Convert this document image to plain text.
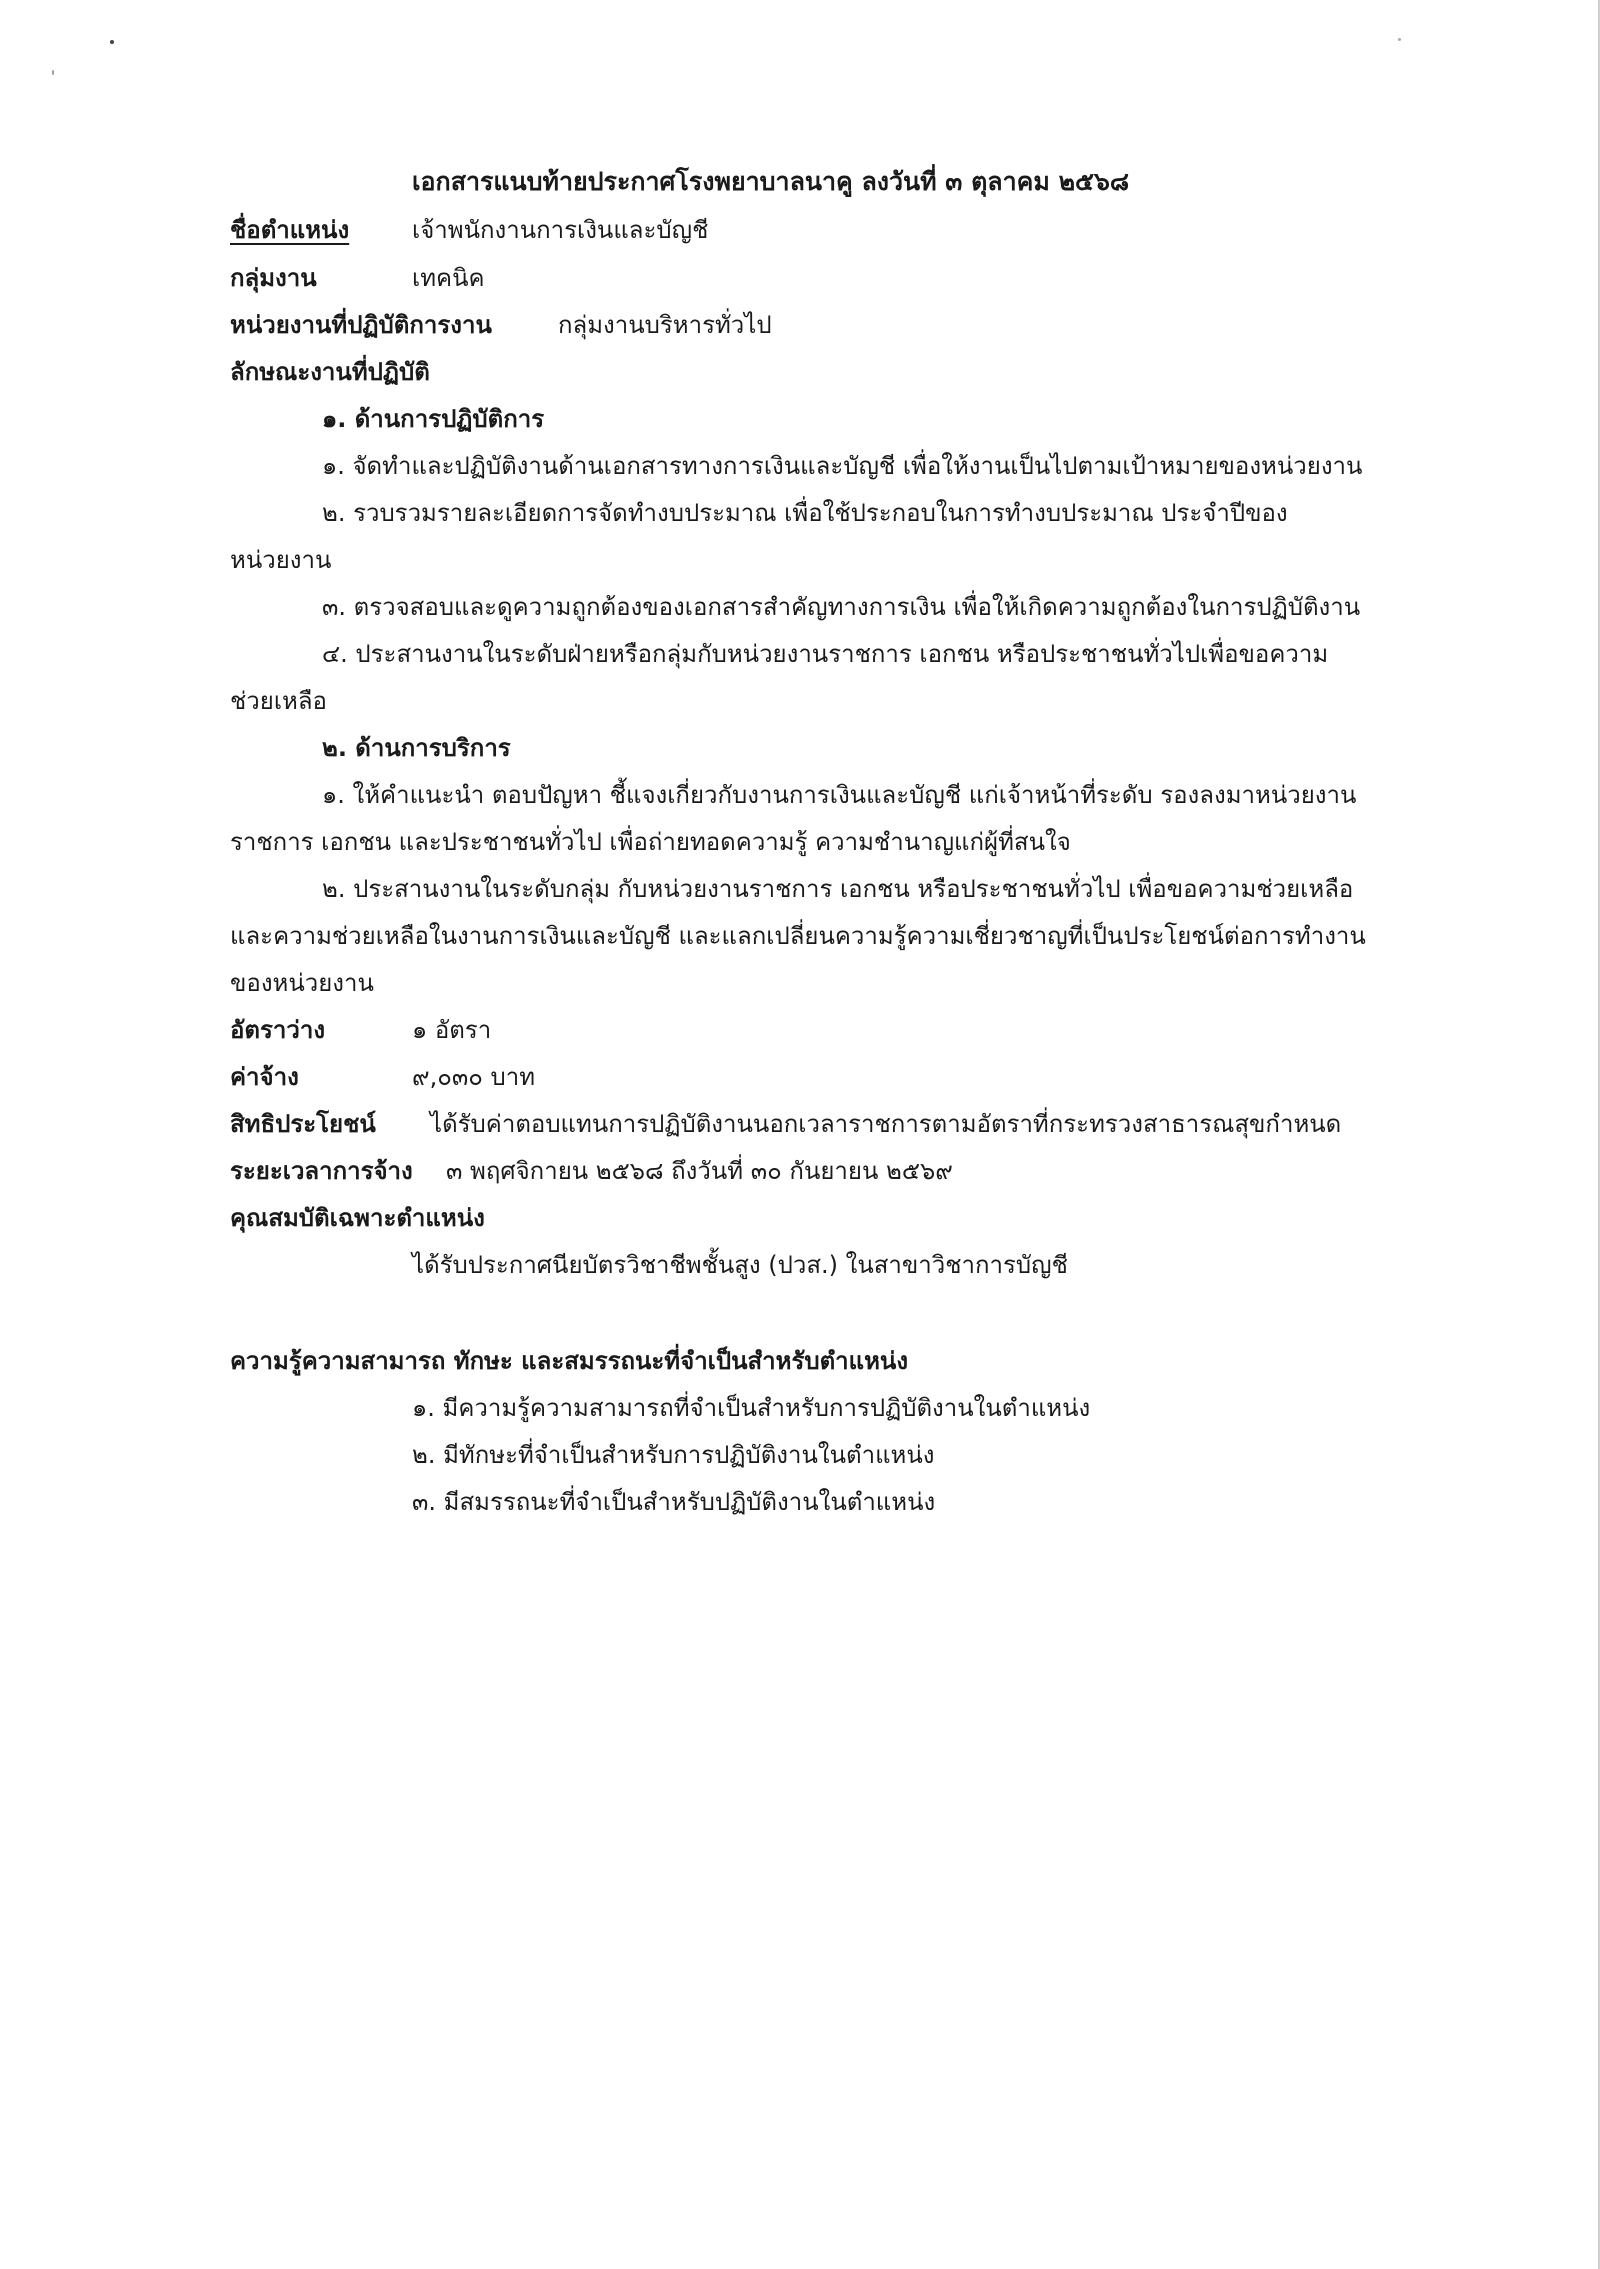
เอกสารแนบท้ายประกาศโรงพยาบาลนาคู ลงวันที่ ๓ ตุลาคม ๒๕๖๘
ชื่อตำแหน่ง	เจ้าพนักงานการเงินและบัญชี
กลุ่มงาน	เทคนิค
หน่วยงานที่ปฏิบัติการงาน	กลุ่มงานบริหารทั่วไป
ลักษณะงานที่ปฏิบัติ
๑. ด้านการปฏิบัติการ
๑. จัดทำและปฏิบัติงานด้านเอกสารทางการเงินและบัญชี เพื่อให้งานเป็นไปตามเป้าหมายของหน่วยงาน
๒. รวบรวมรายละเอียดการจัดทำงบประมาณ เพื่อใช้ประกอบในการทำงบประมาณ ประจำปีของ
หน่วยงาน
๓. ตรวจสอบและดูความถูกต้องของเอกสารสำคัญทางการเงิน เพื่อให้เกิดความถูกต้องในการปฏิบัติงาน
๔. ประสานงานในระดับฝ่ายหรือกลุ่มกับหน่วยงานราชการ เอกชน หรือประชาชนทั่วไปเพื่อขอความ
ช่วยเหลือ
๒. ด้านการบริการ
๑. ให้คำแนะนำ ตอบปัญหา ชี้แจงเกี่ยวกับงานการเงินและบัญชี แก่เจ้าหน้าที่ระดับ รองลงมาหน่วยงาน
ราชการ เอกชน และประชาชนทั่วไป เพื่อถ่ายทอดความรู้ ความชำนาญแก่ผู้ที่สนใจ
๒. ประสานงานในระดับกลุ่ม กับหน่วยงานราชการ เอกชน หรือประชาชนทั่วไป เพื่อขอความช่วยเหลือ
และความช่วยเหลือในงานการเงินและบัญชี และแลกเปลี่ยนความรู้ความเชี่ยวชาญที่เป็นประโยชน์ต่อการทำงาน
ของหน่วยงาน
อัตราว่าง	๑ อัตรา
ค่าจ้าง	๙,๐๓๐ บาท
สิทธิประโยชน์ ได้รับค่าตอบแทนการปฏิบัติงานนอกเวลาราชการตามอัตราที่กระทรวงสาธารณสุขกำหนด
ระยะเวลาการจ้าง ๓ พฤศจิกายน ๒๕๖๘ ถึงวันที่ ๓๐ กันยายน ๒๕๖๙
คุณสมบัติเฉพาะตำแหน่ง
ได้รับประกาศนียบัตรวิชาชีพชั้นสูง (ปวส.) ในสาขาวิชาการบัญชี
ความรู้ความสามารถ ทักษะ และสมรรถนะที่จำเป็นสำหรับตำแหน่ง
๑. มีความรู้ความสามารถที่จำเป็นสำหรับการปฏิบัติงานในตำแหน่ง
๒. มีทักษะที่จำเป็นสำหรับการปฏิบัติงานในตำแหน่ง
๓. มีสมรรถนะที่จำเป็นสำหรับปฏิบัติงานในตำแหน่ง
